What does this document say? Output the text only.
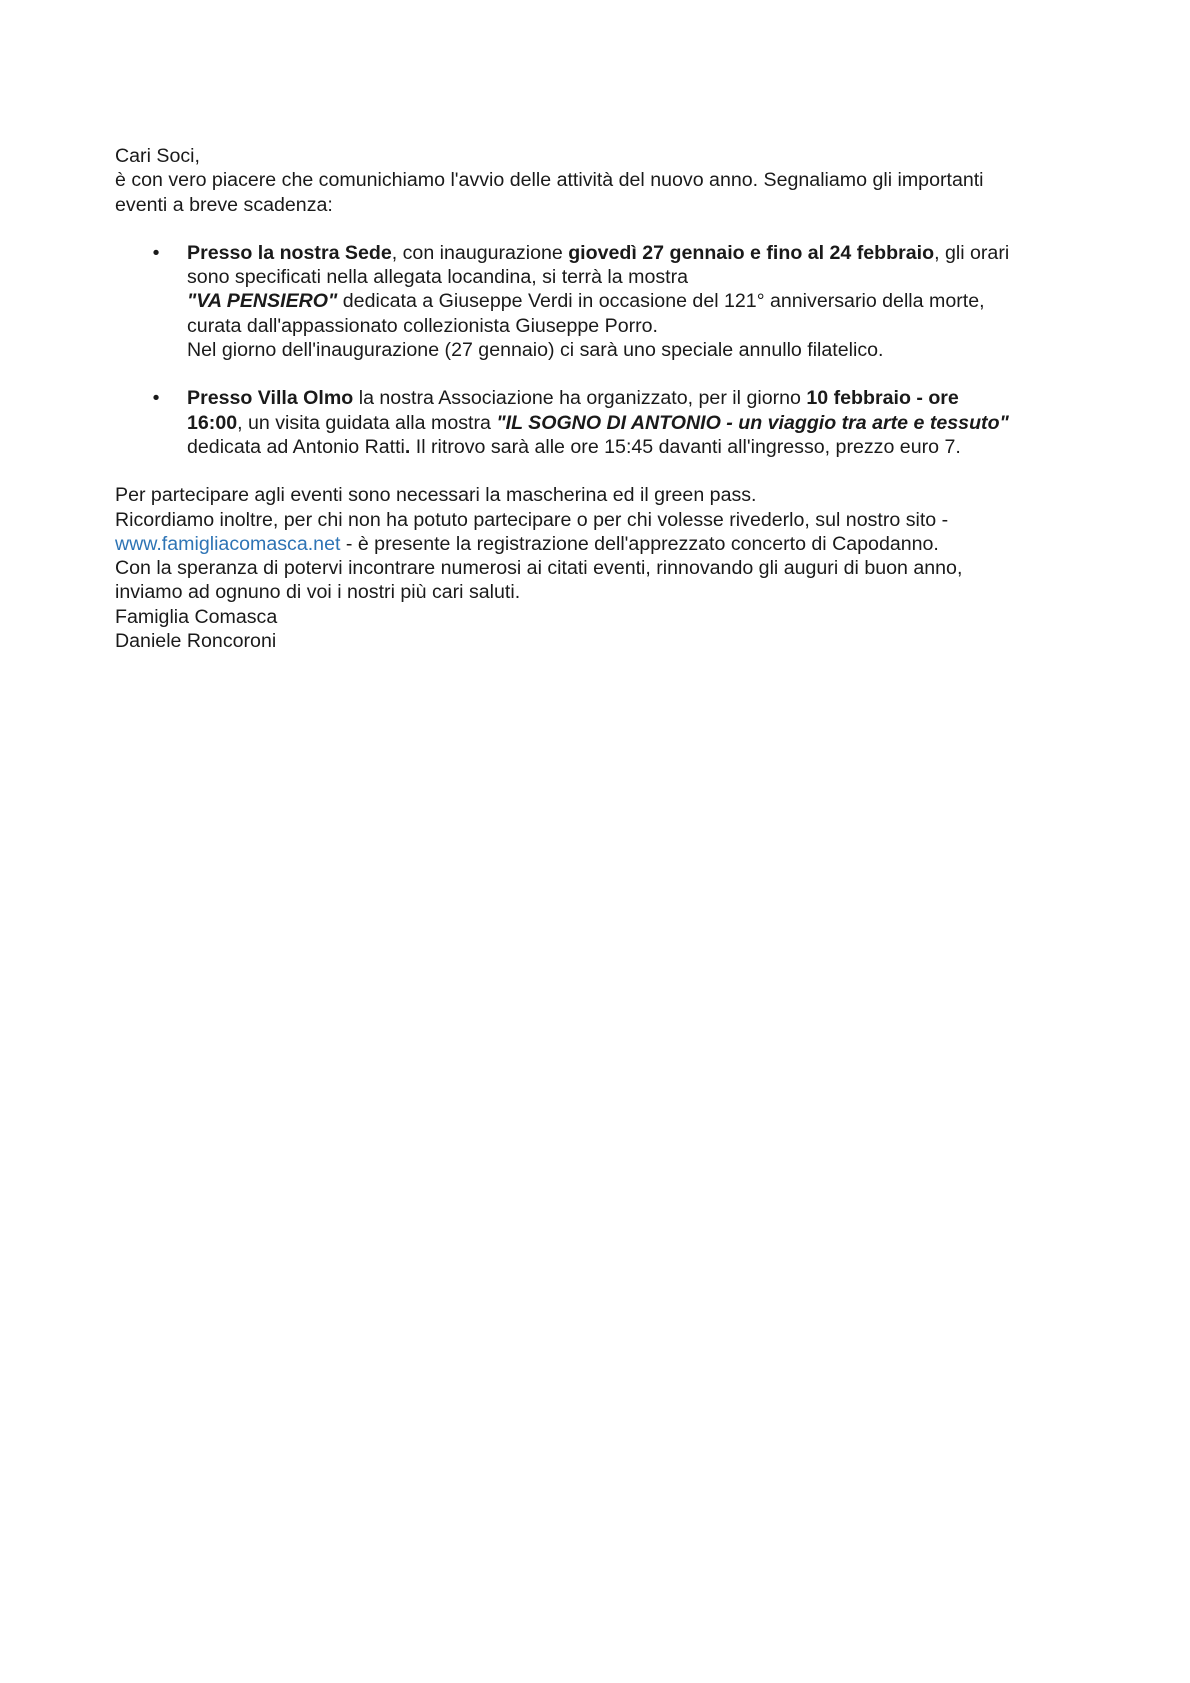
Cari Soci,
è con vero piacere che comunichiamo l'avvio delle attività del nuovo anno. Segnaliamo gli importanti
eventi a breve scadenza:
• Presso la nostra Sede, con inaugurazione giovedì 27 gennaio e fino al 24 febbraio, gli orari
sono specificati nella allegata locandina, si terrà la mostra
"VA PENSIERO" dedicata a Giuseppe Verdi in occasione del 121° anniversario della morte,
curata dall'appassionato collezionista Giuseppe Porro.
Nel giorno dell'inaugurazione (27 gennaio) ci sarà uno speciale annullo filatelico.
• Presso Villa Olmo la nostra Associazione ha organizzato, per il giorno 10 febbraio - ore
16:00, un visita guidata alla mostra "IL SOGNO DI ANTONIO - un viaggio tra arte e tessuto"
dedicata ad Antonio Ratti. Il ritrovo sarà alle ore 15:45 davanti all'ingresso, prezzo euro 7.
Per partecipare agli eventi sono necessari la mascherina ed il green pass.
Ricordiamo inoltre, per chi non ha potuto partecipare o per chi volesse rivederlo, sul nostro sito -
www.famigliacomasca.net - è presente la registrazione dell'apprezzato concerto di Capodanno.
Con la speranza di potervi incontrare numerosi ai citati eventi, rinnovando gli auguri di buon anno,
inviamo ad ognuno di voi i nostri più cari saluti.
Famiglia Comasca
Daniele Roncoroni
